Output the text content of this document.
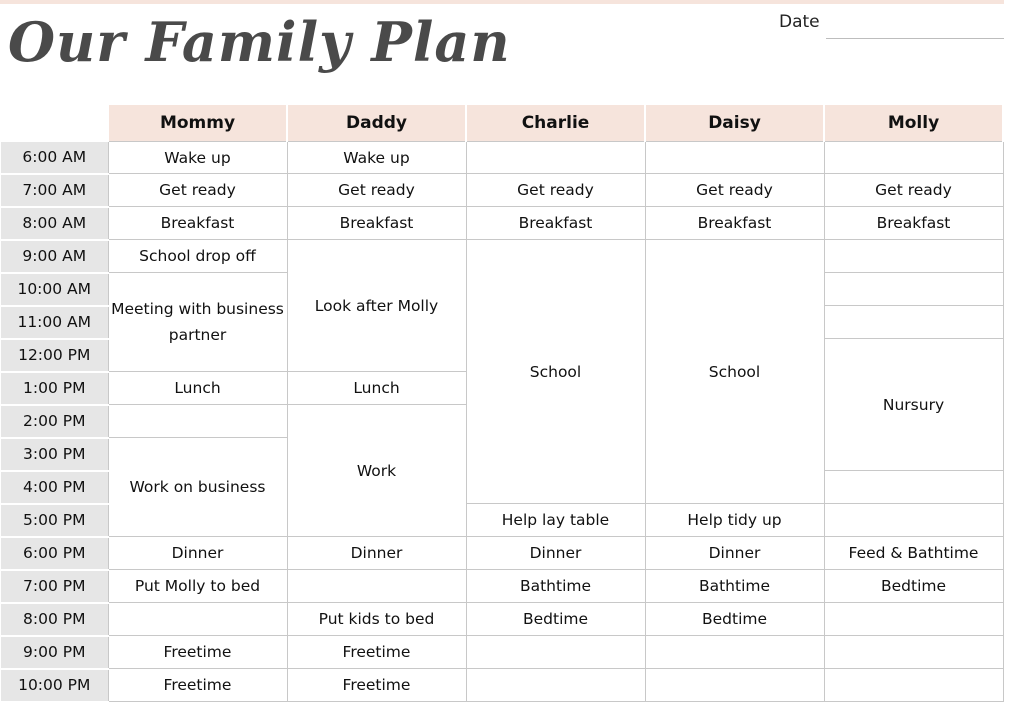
Our Family Plan	Date
	Mommy	Daddy	Charlie	Daisy	Molly
6:00 AM	Wake up	Wake up			
7:00 AM	Get ready	Get ready	Get ready	Get ready	Get ready
8:00 AM	Breakfast	Breakfast	Breakfast	Breakfast	Breakfast
9:00 AM	School drop off	Look after Molly	School	School	
10:00 AM	Meeting with business partner				
11:00 AM					
12:00 PM					Nursury
1:00 PM	Lunch	Lunch			
2:00 PM		Work			
3:00 PM	Work on business				
4:00 PM					
5:00 PM			Help lay table	Help tidy up	
6:00 PM	Dinner	Dinner	Dinner	Dinner	Feed & Bathtime
7:00 PM	Put Molly to bed		Bathtime	Bathtime	Bedtime
8:00 PM		Put kids to bed	Bedtime	Bedtime	
9:00 PM	Freetime	Freetime			
10:00 PM	Freetime	Freetime			
